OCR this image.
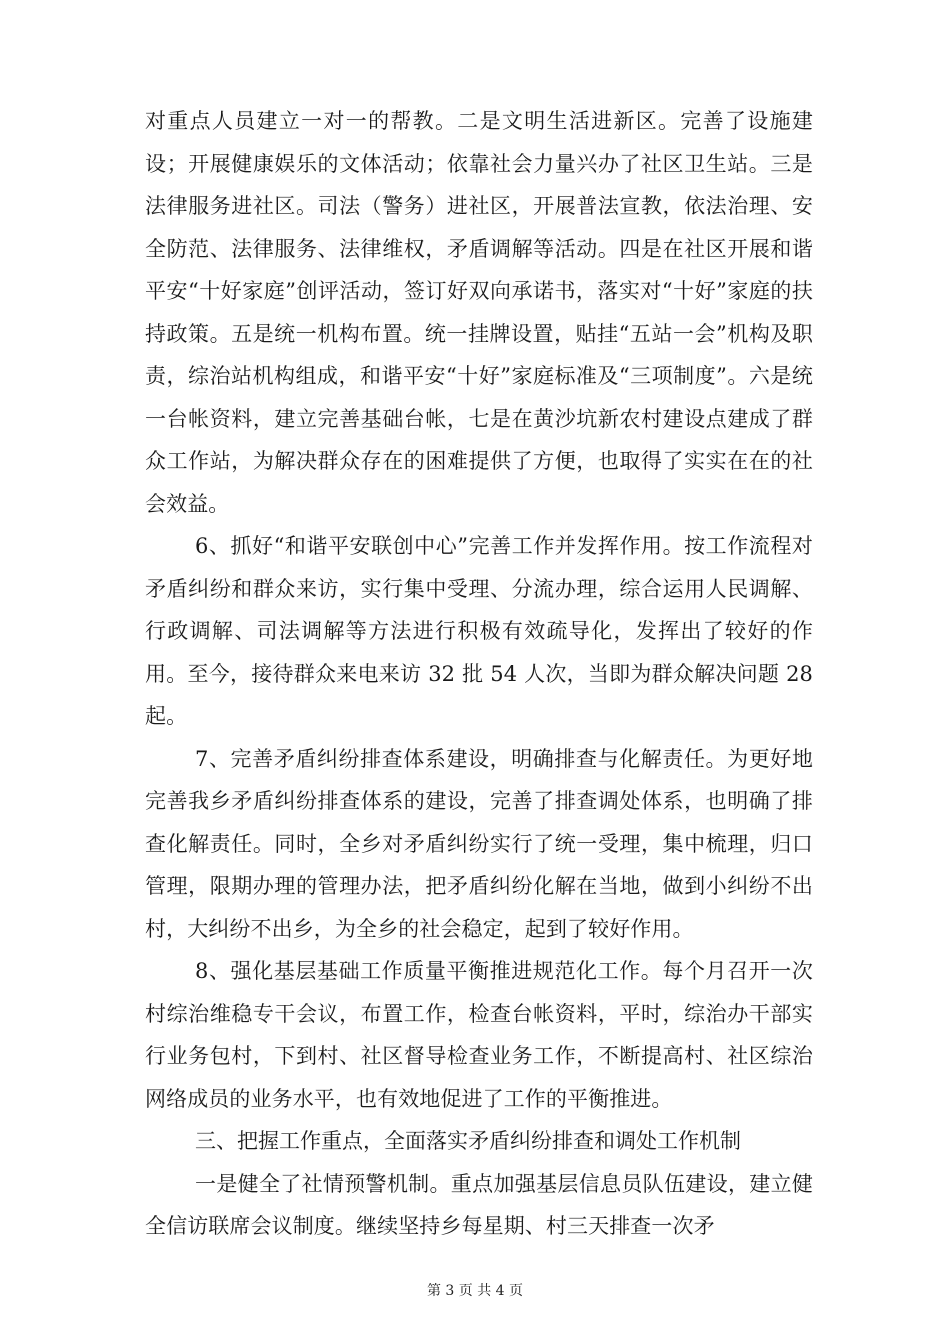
对重点人员建立一对一的帮教。二是文明生活进新区。完善了设施建设；开展健康娱乐的文体活动；依靠社会力量兴办了社区卫生站。三是法律服务进社区。司法（警务）进社区，开展普法宣教，依法治理、安全防范、法律服务、法律维权，矛盾调解等活动。四是在社区开展和谐平安“十好家庭”创评活动，签订好双向承诺书，落实对“十好”家庭的扶持政策。五是统一机构布置。统一挂牌设置，贴挂“五站一会”机构及职责，综治站机构组成，和谐平安“十好”家庭标准及“三项制度”。六是统一台帐资料，建立完善基础台帐，七是在黄沙坑新农村建设点建成了群众工作站，为解决群众存在的困难提供了方便，也取得了实实在在的社会效益。

6、抓好“和谐平安联创中心”完善工作并发挥作用。按工作流程对矛盾纠纷和群众来访，实行集中受理、分流办理，综合运用人民调解、行政调解、司法调解等方法进行积极有效疏导化，发挥出了较好的作用。至今，接待群众来电来访 32 批 54 人次，当即为群众解决问题 28 起。

7、完善矛盾纠纷排查体系建设，明确排查与化解责任。为更好地完善我乡矛盾纠纷排查体系的建设，完善了排查调处体系，也明确了排查化解责任。同时，全乡对矛盾纠纷实行了统一受理，集中梳理，归口管理，限期办理的管理办法，把矛盾纠纷化解在当地，做到小纠纷不出村，大纠纷不出乡，为全乡的社会稳定，起到了较好作用。

8、强化基层基础工作质量平衡推进规范化工作。每个月召开一次村综治维稳专干会议，布置工作，检查台帐资料，平时，综治办干部实行业务包村，下到村、社区督导检查业务工作，不断提高村、社区综治网络成员的业务水平，也有效地促进了工作的平衡推进。

三、把握工作重点，全面落实矛盾纠纷排查和调处工作机制

一是健全了社情预警机制。重点加强基层信息员队伍建设，建立健全信访联席会议制度。继续坚持乡每星期、村三天排查一次矛

第 3 页 共 4 页
